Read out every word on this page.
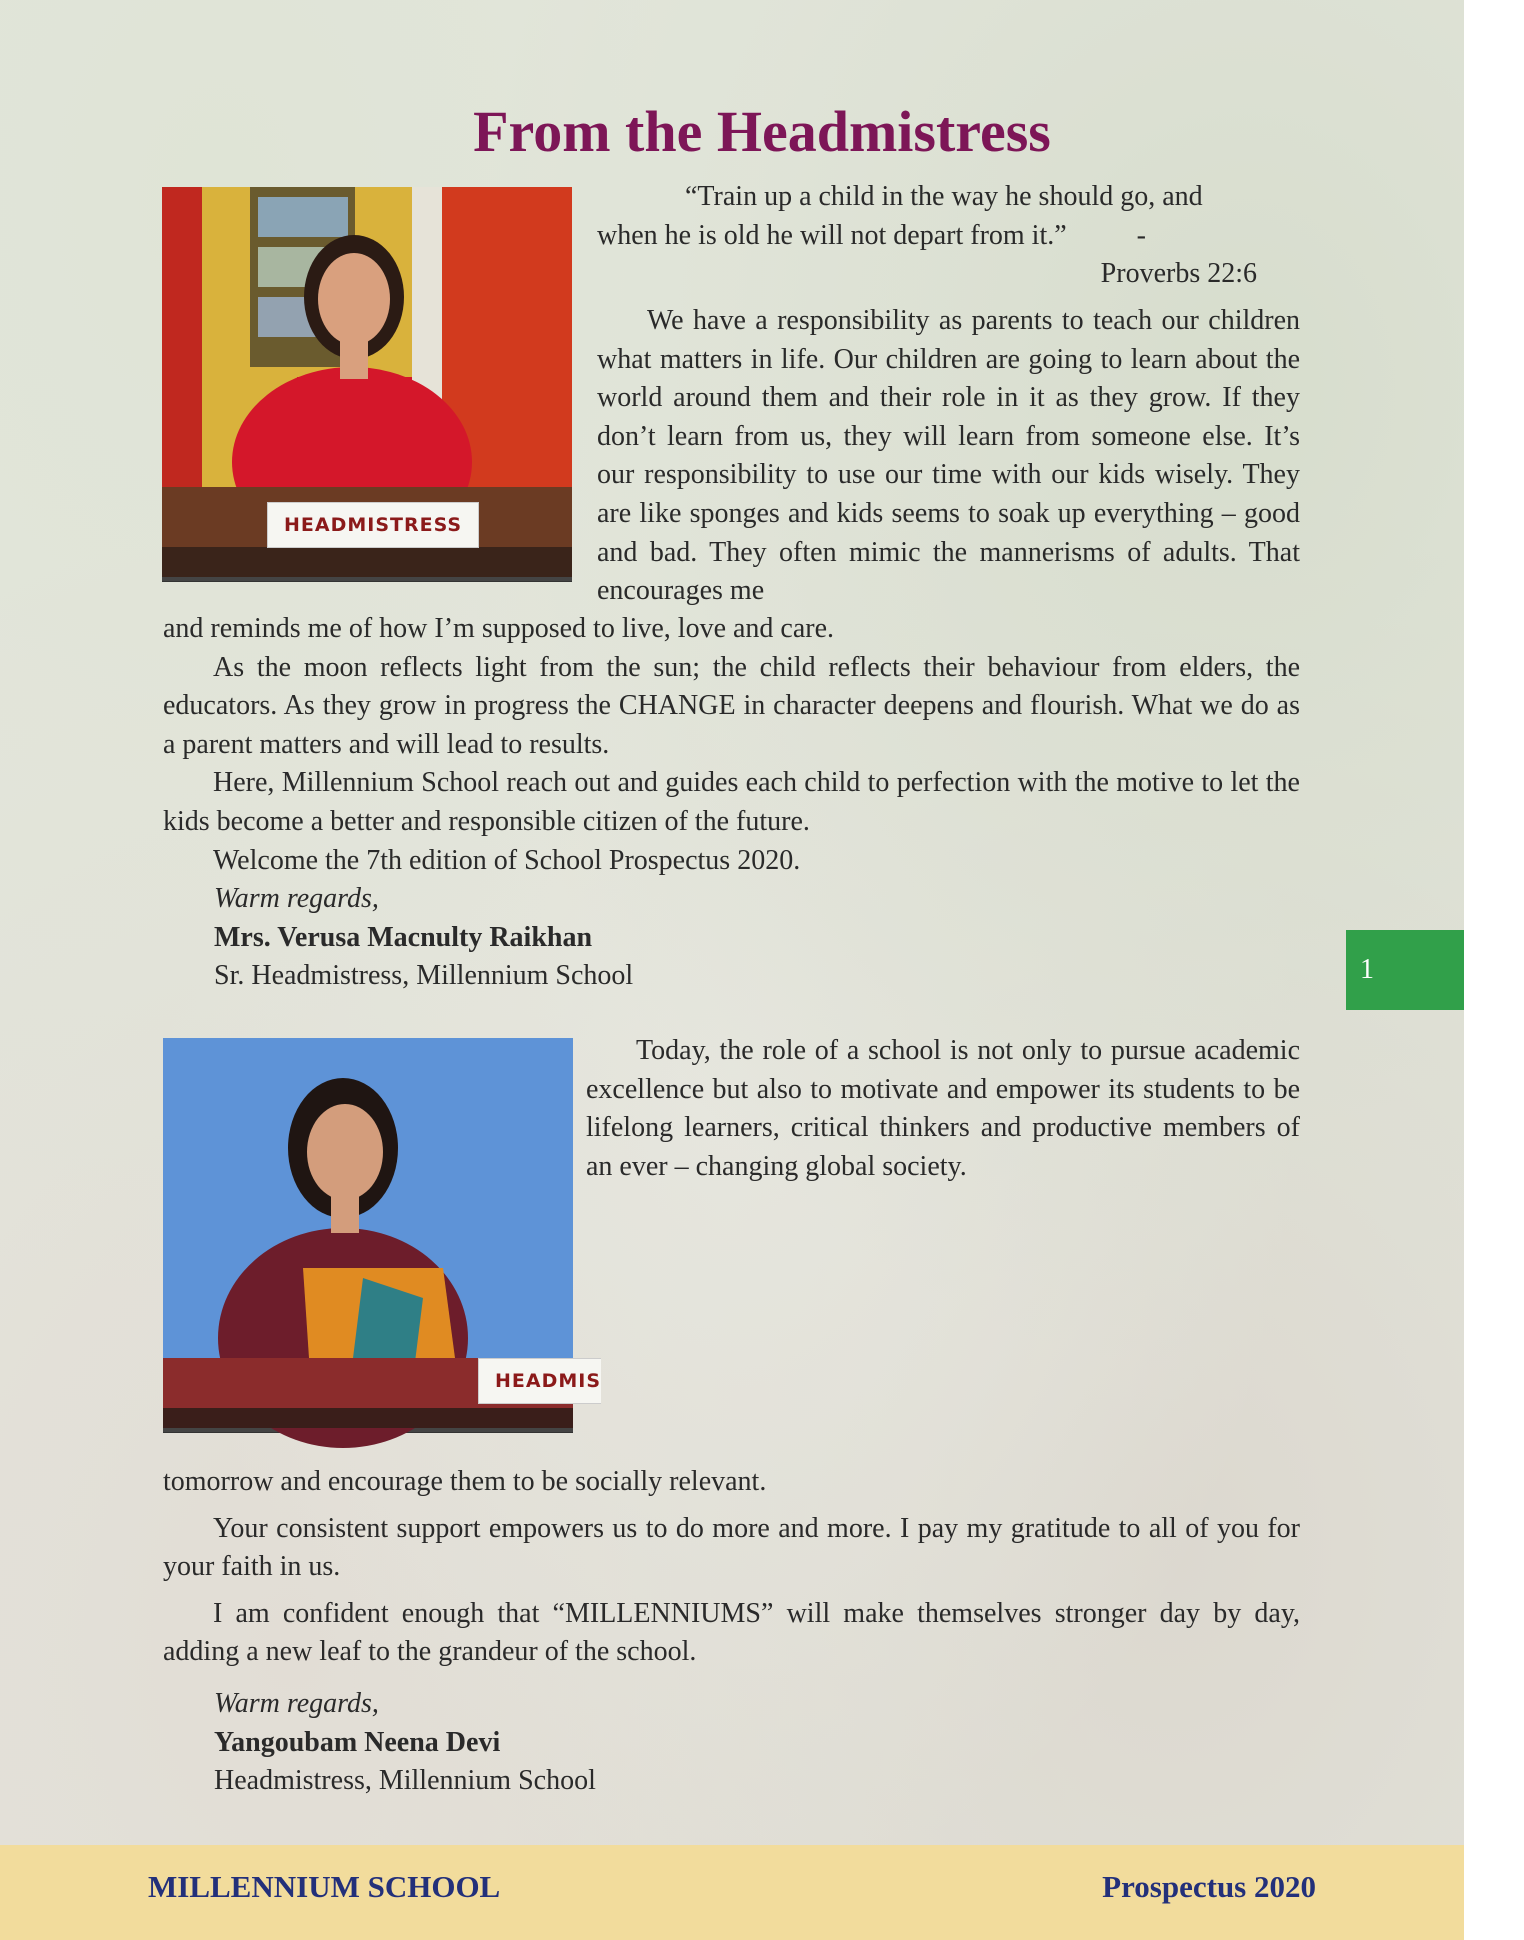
From the Headmistress
HEADMISTRESS
“Train up a child in the way he should go, and
when he is old he will not depart from it.”	-
Proverbs 22:6

We have a responsibility as parents to teach our children what matters in life. Our children are going to learn about the world around them and their role in it as they grow. If they don’t learn from us, they will learn from someone else. It’s our responsibility to use our time with our kids wisely. They are like sponges and kids seems to soak up everything – good and bad. They often mimic the mannerisms of adults. That encourages me

and reminds me of how I’m supposed to live, love and care.

As the moon reflects light from the sun; the child reflects their behaviour from elders, the educators. As they grow in progress the CHANGE in character deepens and flourish. What we do as a parent matters and will lead to results.

Here, Millennium School reach out and guides each child to perfection with the motive to let the kids become a better and responsible citizen of the future.

Welcome the 7th edition of School Prospectus 2020.

Warm regards,
Mrs. Verusa Macnulty Raikhan
Sr. Headmistress, Millennium School	1
HEADMIS

Today, the role of a school is not only to pursue academic excellence but also to motivate and empower its students to be lifelong learners, critical thinkers and productive members of an ever – changing global society.

tomorrow and encourage them to be socially relevant.

Your consistent support empowers us to do more and more. I pay my gratitude to all of you for your faith in us.

I am confident enough that “MILLENNIUMS” will make themselves stronger day by day, adding a new leaf to the grandeur of the school.

Warm regards,
Yangoubam Neena Devi
Headmistress, Millennium School
MILLENNIUM SCHOOL	Prospectus 2020
